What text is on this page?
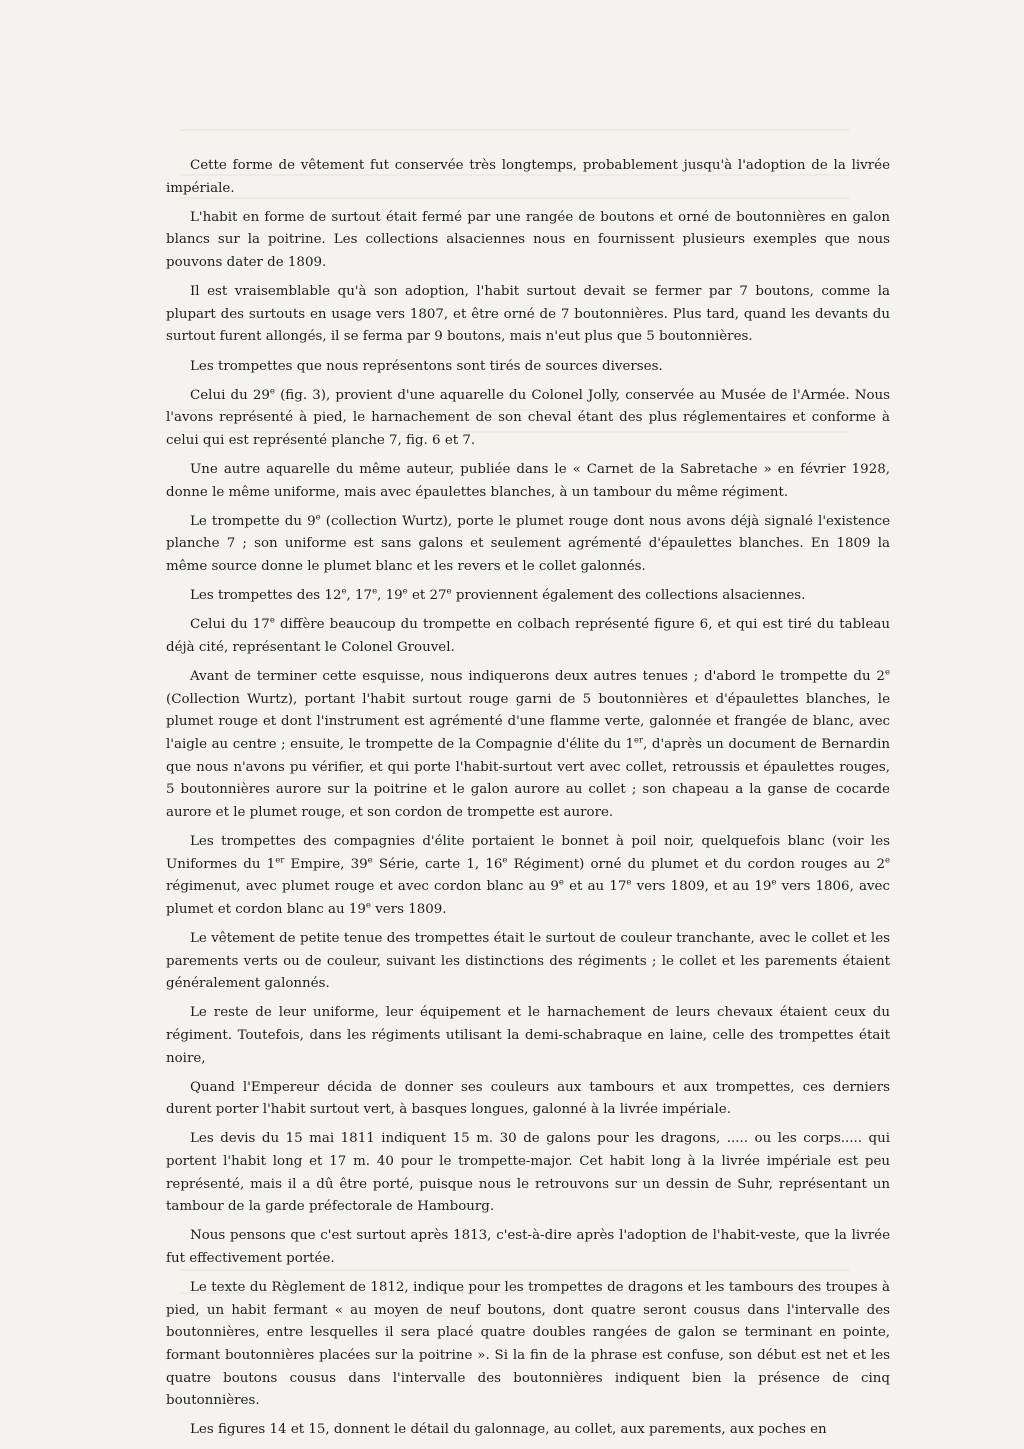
Cette forme de vêtement fut conservée très longtemps, probablement jusqu'à l'adoption de la livrée impériale.

L'habit en forme de surtout était fermé par une rangée de boutons et orné de boutonnières en galon blancs sur la poitrine. Les collections alsaciennes nous en fournissent plusieurs exemples que nous pouvons dater de 1809.

Il est vraisemblable qu'à son adoption, l'habit surtout devait se fermer par 7 boutons, comme la plupart des surtouts en usage vers 1807, et être orné de 7 boutonnières. Plus tard, quand les devants du surtout furent allongés, il se ferma par 9 boutons, mais n'eut plus que 5 boutonnières.

Les trompettes que nous représentons sont tirés de sources diverses.

Celui du 29e (fig. 3), provient d'une aquarelle du Colonel Jolly, conservée au Musée de l'Armée. Nous l'avons représenté à pied, le harnachement de son cheval étant des plus réglementaires et conforme à celui qui est représenté planche 7, fig. 6 et 7.

Une autre aquarelle du même auteur, publiée dans le « Carnet de la Sabretache » en février 1928, donne le même uniforme, mais avec épaulettes blanches, à un tambour du même régiment.

Le trompette du 9e (collection Wurtz), porte le plumet rouge dont nous avons déjà signalé l'existence planche 7 ; son uniforme est sans galons et seulement agrémenté d'épaulettes blanches. En 1809 la même source donne le plumet blanc et les revers et le collet galonnés.

Les trompettes des 12e, 17e, 19e et 27e proviennent également des collections alsaciennes.

Celui du 17e diffère beaucoup du trompette en colbach représenté figure 6, et qui est tiré du tableau déjà cité, représentant le Colonel Grouvel.

Avant de terminer cette esquisse, nous indiquerons deux autres tenues ; d'abord le trompette du 2e (Collection Wurtz), portant l'habit surtout rouge garni de 5 boutonnières et d'épaulettes blanches, le plumet rouge et dont l'instrument est agrémenté d'une flamme verte, galonnée et frangée de blanc, avec l'aigle au centre ; ensuite, le trompette de la Compagnie d'élite du 1er, d'après un document de Bernardin que nous n'avons pu vérifier, et qui porte l'habit-surtout vert avec collet, retroussis et épaulettes rouges, 5 boutonnières aurore sur la poitrine et le galon aurore au collet ; son chapeau a la ganse de cocarde aurore et le plumet rouge, et son cordon de trompette est aurore.

Les trompettes des compagnies d'élite portaient le bonnet à poil noir, quelquefois blanc (voir les Uniformes du 1er Empire, 39e Série, carte 1, 16e Régiment) orné du plumet et du cordon rouges au 2e régimenut, avec plumet rouge et avec cordon blanc au 9e et au 17e vers 1809, et au 19e vers 1806, avec plumet et cordon blanc au 19e vers 1809.

Le vêtement de petite tenue des trompettes était le surtout de couleur tranchante, avec le collet et les parements verts ou de couleur, suivant les distinctions des régiments ; le collet et les parements étaient généralement galonnés.

Le reste de leur uniforme, leur équipement et le harnachement de leurs chevaux étaient ceux du régiment. Toutefois, dans les régiments utilisant la demi-schabraque en laine, celle des trompettes était noire,

Quand l'Empereur décida de donner ses couleurs aux tambours et aux trompettes, ces derniers durent porter l'habit surtout vert, à basques longues, galonné à la livrée impériale.

Les devis du 15 mai 1811 indiquent 15 m. 30 de galons pour les dragons, ..... ou les corps..... qui portent l'habit long et 17 m. 40 pour le trompette-major. Cet habit long à la livrée impériale est peu représenté, mais il a dû être porté, puisque nous le retrouvons sur un dessin de Suhr, représentant un tambour de la garde préfectorale de Hambourg.

Nous pensons que c'est surtout après 1813, c'est-à-dire après l'adoption de l'habit-veste, que la livrée fut effectivement portée.

Le texte du Règlement de 1812, indique pour les trompettes de dragons et les tambours des troupes à pied, un habit fermant « au moyen de neuf boutons, dont quatre seront cousus dans l'intervalle des boutonnières, entre lesquelles il sera placé quatre doubles rangées de galon se terminant en pointe, formant boutonnières placées sur la poitrine ». Si la fin de la phrase est confuse, son début est net et les quatre boutons cousus dans l'intervalle des boutonnières indiquent bien la présence de cinq boutonnières.

Les figures 14 et 15, donnent le détail du galonnage, au collet, aux parements, aux poches en
